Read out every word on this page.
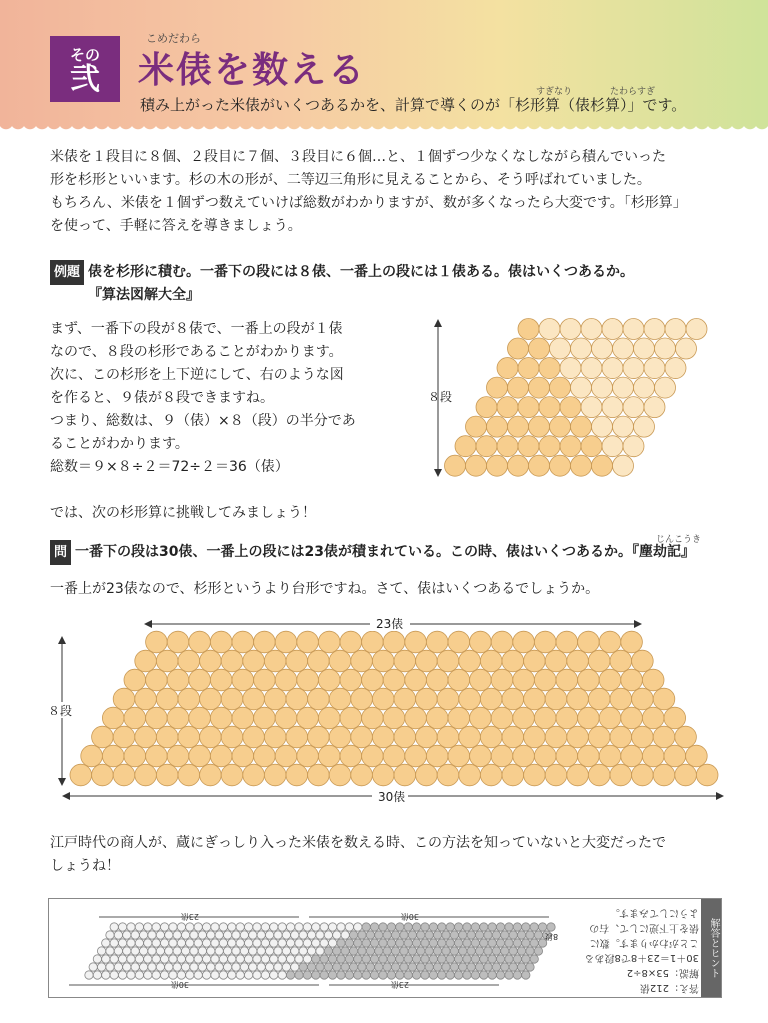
その
弐
こめだわら
米俵を数える
すぎなり	たわらすぎ
積み上がった米俵がいくつあるかを、計算で導くのが「杉形算（俵杉算）」です。
米俵を１段目に８個、２段目に７個、３段目に６個…と、１個ずつ少なくなしながら積んでいった
形を杉形といいます。杉の木の形が、二等辺三角形に見えることから、そう呼ばれていました。
もちろん、米俵を１個ずつ数えていけば総数がわかりますが、数が多くなったら大変です。「杉形算」
を使って、手軽に答えを導きましょう。
例題 俵を杉形に積む。一番下の段には８俵、一番上の段には１俵ある。俵はいくつあるか。
『算法図解大全』
まず、一番下の段が８俵で、一番上の段が１俵
なので、８段の杉形であることがわかります。
次に、この杉形を上下逆にして、右のような図
を作ると、９俵が８段できますね。
つまり、総数は、９（俵）×８（段）の半分であ
ることがわかります。
総数＝９×８÷２＝72÷２＝36（俵）
では、次の杉形算に挑戦してみましょう！
８段
問 一番下の段は30俵、一番上の段には23俵が積まれている。この時、俵はいくつあるか。『塵劫記』
じんこうき
一番上が23俵なので、杉形というより台形ですね。さて、俵はいくつあるでしょうか。
23俵
８段
30俵
江戸時代の商人が、蔵にぎっしり入った米俵を数える時、この方法を知っていないと大変だったで
しょうね！
23俵	30俵
30俵	23俵
8段
答え：212俵
解説：53×8÷2
30＋1＝23＋8で8段ある
ことがわかります。数に
俵を上下逆にして、右の
ようにしてみます。
解答とヒント
